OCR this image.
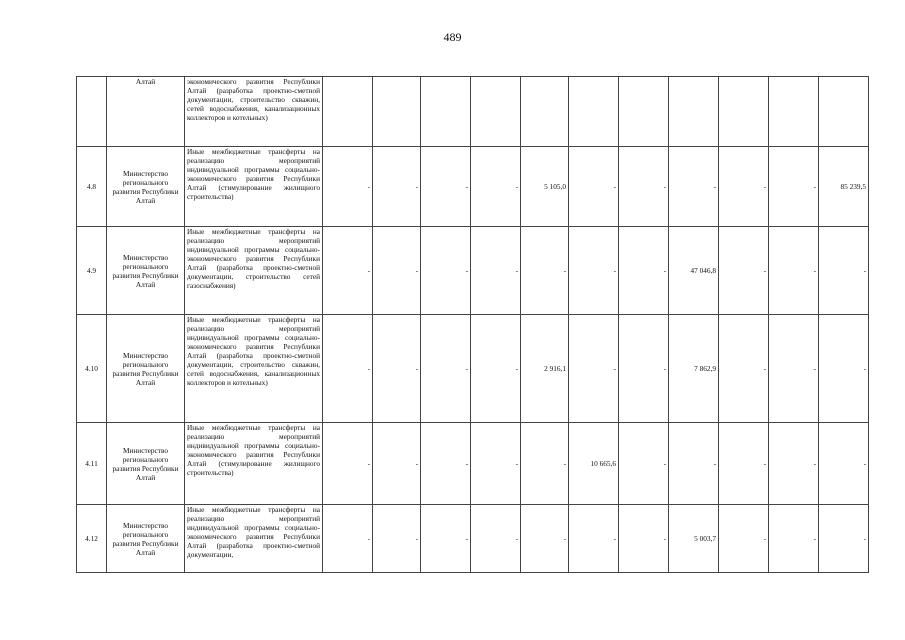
489
	Алтай	экономического развития Республики Алтай (разработка проектно-сметной документации, строительство скважин, сетей водоснабжения, канализационных коллекторов и котельных)											
4.8	Министерство регионального развития Республики Алтай	Иные межбюджетные трансферты на реализацию мероприятий индивидуальной программы социально-экономического развития Республики Алтай (стимулирование жилищного строительства)	-	-	-	-	5 105,0	-	-	-	-	-	85 239,5
4.9	Министерство регионального развития Республики Алтай	Иные межбюджетные трансферты на реализацию мероприятий индивидуальной программы социально-экономического развития Республики Алтай (разработка проектно-сметной документации, строительство сетей газоснабжения)	-	-	-	-	-	-	-	47 046,8	-	-	-
4.10	Министерство регионального развития Республики Алтай	Иные межбюджетные трансферты на реализацию мероприятий индивидуальной программы социально-экономического развития Республики Алтай (разработка проектно-сметной документации, строительство скважин, сетей водоснабжения, канализационных коллекторов и котельных)	-	-	-	-	2 916,1	-	-	7 862,9	-	-	-
4.11	Министерство регионального развития Республики Алтай	Иные межбюджетные трансферты на реализацию мероприятий индивидуальной программы социально-экономического развития Республики Алтай (стимулирование жилищного строительства)	-	-	-	-	-	10 665,6	-	-	-	-	-
4.12	Министерство регионального развития Республики Алтай	Иные межбюджетные трансферты на реализацию мероприятий индивидуальной программы социально-экономического развития Республики Алтай (разработка проектно-сметной документации,	-	-	-	-	-	-	-	5 003,7	-	-	-
